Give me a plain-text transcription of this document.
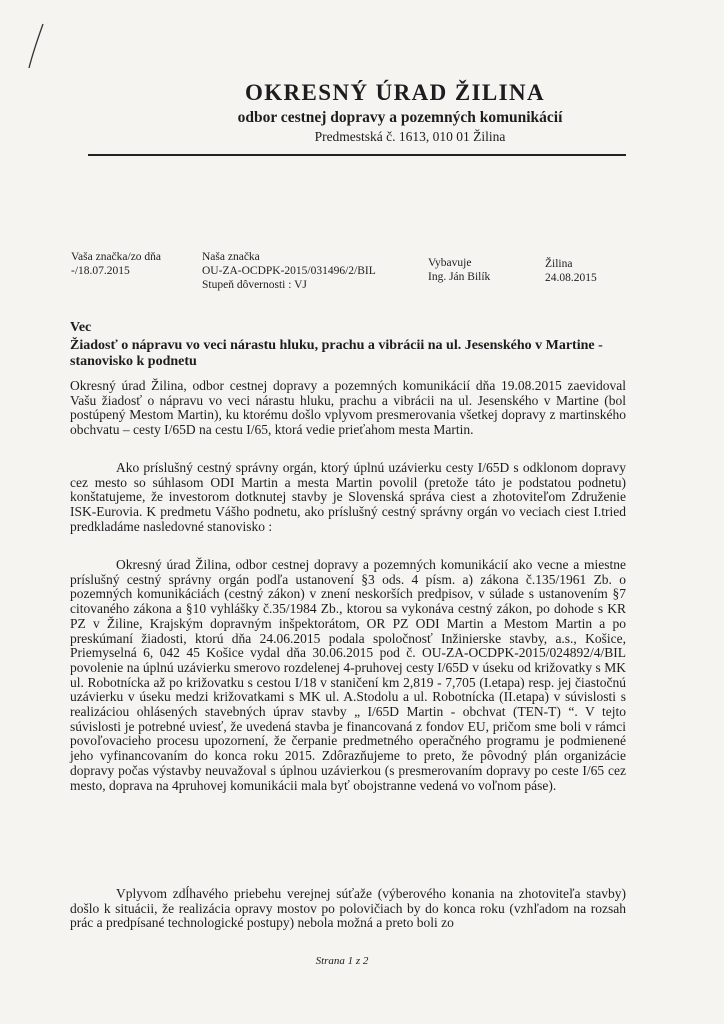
OKRESNÝ ÚRAD ŽILINA
odbor cestnej dopravy a pozemných komunikácií
Predmestská č. 1613, 010 01 Žilina
Vaša značka/zo dňa
-/18.07.2015
Naša značka
OU-ZA-OCDPK-2015/031496/2/BIL
Stupeň dôvernosti : VJ
Vybavuje
Ing. Ján Bilík
Žilina
24.08.2015
Vec
Žiadosť o nápravu vo veci nárastu hluku, prachu a vibrácii na ul. Jesenského v Martine - stanovisko k podnetu

Okresný úrad Žilina, odbor cestnej dopravy a pozemných komunikácií dňa 19.08.2015 zaevidoval Vašu žiadosť o nápravu vo veci nárastu hluku, prachu a vibrácii na ul. Jesenského v Martine (bol postúpený Mestom Martin), ku ktorému došlo vplyvom presmerovania všetkej dopravy z martinského obchvatu – cesty I/65D na cestu I/65, ktorá vedie prieťahom mesta Martin.

Ako príslušný cestný správny orgán, ktorý úplnú uzávierku cesty I/65D s odklonom dopravy cez mesto so súhlasom ODI Martin a mesta Martin povolil (pretože táto je podstatou podnetu) konštatujeme, že investorom dotknutej stavby je Slovenská správa ciest a zhotoviteľom Združenie ISK-Eurovia. K predmetu Vášho podnetu, ako príslušný cestný správny orgán vo veciach ciest I.tried predkladáme nasledovné stanovisko :

Okresný úrad Žilina, odbor cestnej dopravy a pozemných komunikácií ako vecne a miestne príslušný cestný správny orgán podľa ustanovení §3 ods. 4 písm. a) zákona č.135/1961 Zb. o pozemných komunikáciách (cestný zákon) v znení neskorších predpisov, v súlade s ustanovením §7 citovaného zákona a §10 vyhlášky č.35/1984 Zb., ktorou sa vykonáva cestný zákon, po dohode s KR PZ v Žiline, Krajským dopravným inšpektorátom, OR PZ ODI Martin a Mestom Martin a po preskúmaní žiadosti, ktorú dňa 24.06.2015 podala spoločnosť Inžinierske stavby, a.s., Košice, Priemyselná 6, 042 45 Košice vydal dňa 30.06.2015 pod č. OU-ZA-OCDPK-2015/024892/4/BIL povolenie na úplnú uzávierku smerovo rozdelenej 4-pruhovej cesty I/65D v úseku od križovatky s MK ul. Robotnícka až po križovatku s cestou I/18 v staničení km 2,819 - 7,705 (I.etapa) resp. jej čiastočnú uzávierku v úseku medzi križovatkami s MK ul. A.Stodolu a ul. Robotnícka (II.etapa) v súvislosti s realizáciou ohlásených stavebných úprav stavby „ I/65D Martin - obchvat (TEN-T) “. V tejto súvislosti je potrebné uviesť, že uvedená stavba je financovaná z fondov EU, pričom sme boli v rámci povoľovacieho procesu upozornení, že čerpanie predmetného operačného programu je podmienené jeho vyfinancovaním do konca roku 2015. Zdôrazňujeme to preto, že pôvodný plán organizácie dopravy počas výstavby neuvažoval s úplnou uzávierkou (s presmerovaním dopravy po ceste I/65 cez mesto, doprava na 4pruhovej komunikácii mala byť obojstranne vedená vo voľnom páse).

Vplyvom zdĺhavého priebehu verejnej súťaže (výberového konania na zhotoviteľa stavby) došlo k situácii, že realizácia opravy mostov po polovičiach by do konca roku (vzhľadom na rozsah prác a predpísané technologické postupy) nebola možná a preto boli zo

Strana 1 z 2
